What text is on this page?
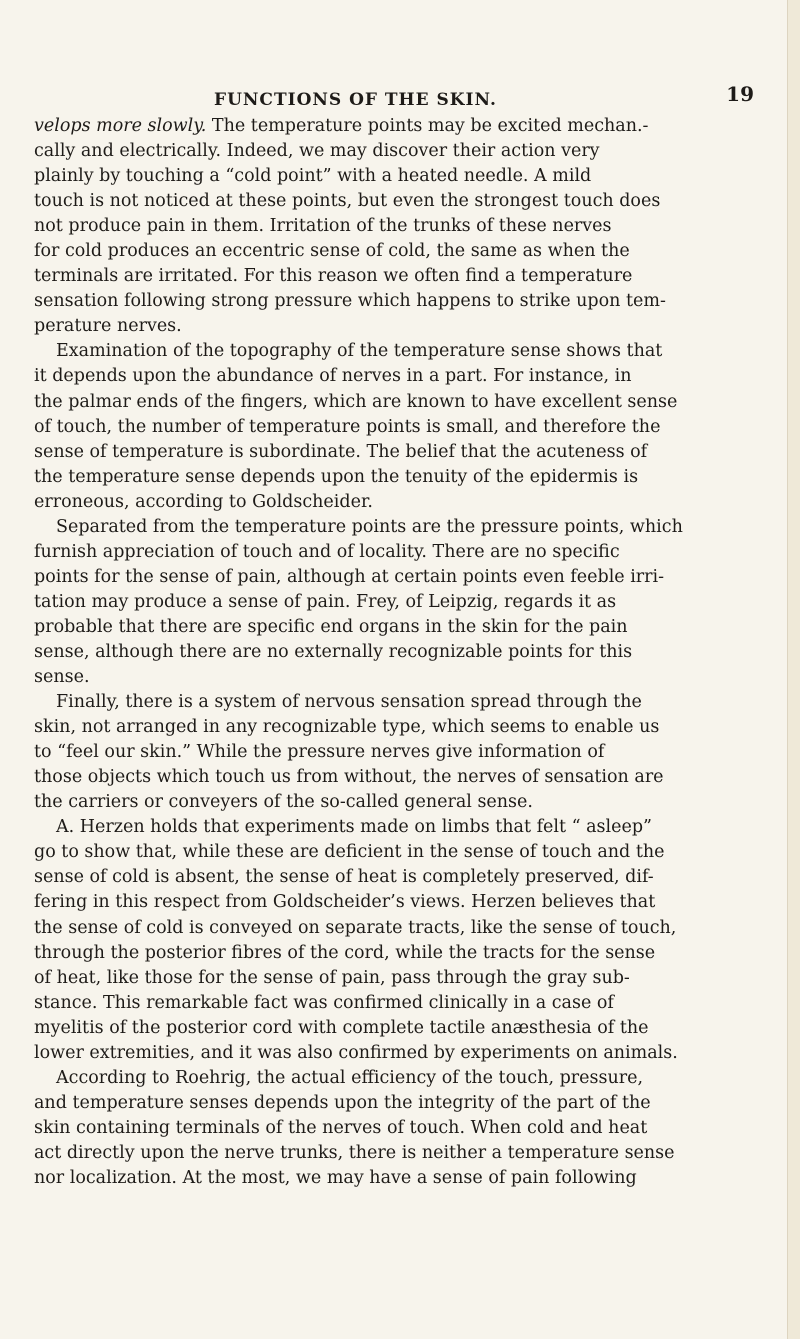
FUNCTIONS OF THE SKIN.	19
velops more slowly. The temperature points may be excited mechan.-
cally and electrically. Indeed, we may discover their action very
plainly by touching a “cold point” with a heated needle. A mild
touch is not noticed at these points, but even the strongest touch does
not produce pain in them. Irritation of the trunks of these nerves
for cold produces an eccentric sense of cold, the same as when the
terminals are irritated. For this reason we often find a temperature
sensation following strong pressure which happens to strike upon tem-
perature nerves.
Examination of the topography of the temperature sense shows that
it depends upon the abundance of nerves in a part. For instance, in
the palmar ends of the fingers, which are known to have excellent sense
of touch, the number of temperature points is small, and therefore the
sense of temperature is subordinate. The belief that the acuteness of
the temperature sense depends upon the tenuity of the epidermis is
erroneous, according to Goldscheider.
Separated from the temperature points are the pressure points, which
furnish appreciation of touch and of locality. There are no specific
points for the sense of pain, although at certain points even feeble irri-
tation may produce a sense of pain. Frey, of Leipzig, regards it as
probable that there are specific end organs in the skin for the pain
sense, although there are no externally recognizable points for this
sense.
Finally, there is a system of nervous sensation spread through the
skin, not arranged in any recognizable type, which seems to enable us
to “feel our skin.” While the pressure nerves give information of
those objects which touch us from without, the nerves of sensation are
the carriers or conveyers of the so-called general sense.
A. Herzen holds that experiments made on limbs that felt “ asleep”
go to show that, while these are deficient in the sense of touch and the
sense of cold is absent, the sense of heat is completely preserved, dif-
fering in this respect from Goldscheider’s views. Herzen believes that
the sense of cold is conveyed on separate tracts, like the sense of touch,
through the posterior fibres of the cord, while the tracts for the sense
of heat, like those for the sense of pain, pass through the gray sub-
stance. This remarkable fact was confirmed clinically in a case of
myelitis of the posterior cord with complete tactile anæsthesia of the
lower extremities, and it was also confirmed by experiments on animals.
According to Roehrig, the actual efficiency of the touch, pressure,
and temperature senses depends upon the integrity of the part of the
skin containing terminals of the nerves of touch. When cold and heat
act directly upon the nerve trunks, there is neither a temperature sense
nor localization. At the most, we may have a sense of pain following
